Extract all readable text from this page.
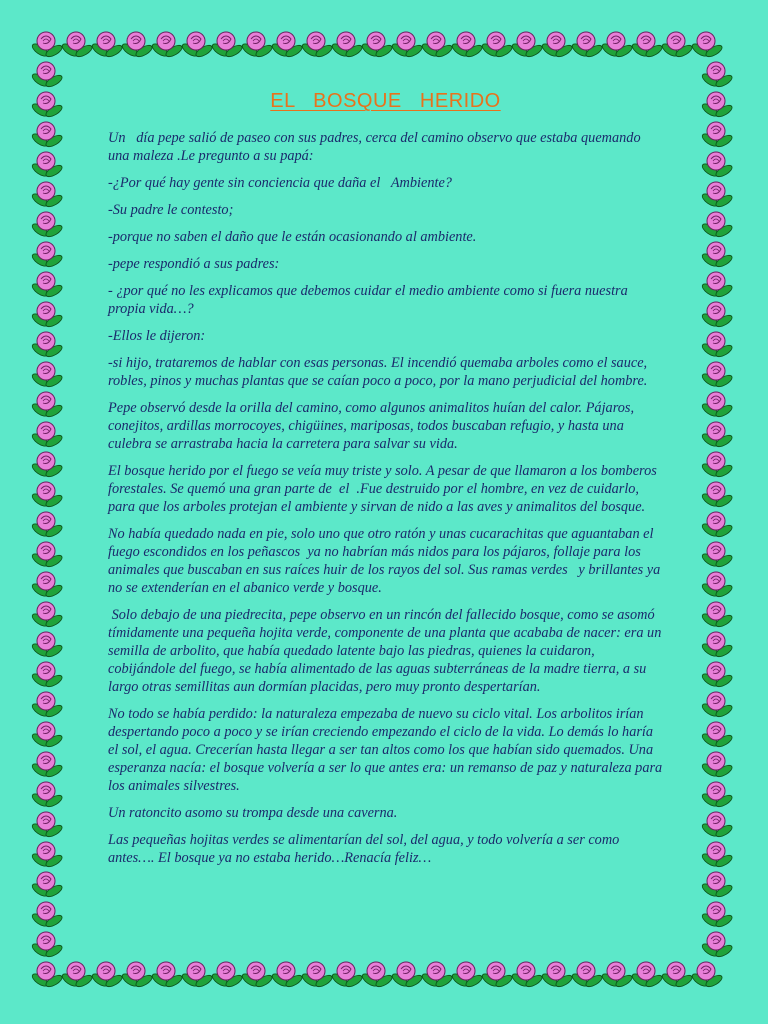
EL   BOSQUE   HERIDO

Un   día pepe salió de paseo con sus padres, cerca del camino observo que estaba quemando una maleza .Le pregunto a su papá:

-¿Por qué hay gente sin conciencia que daña el   Ambiente?

-Su padre le contesto;

-porque no saben el daño que le están ocasionando al ambiente.

-pepe respondió a sus padres:

- ¿por qué no les explicamos que debemos cuidar el medio ambiente como si fuera nuestra propia vida…?

-Ellos le dijeron:

-si hijo, trataremos de hablar con esas personas. El incendió quemaba arboles como el sauce, robles, pinos y muchas plantas que se caían poco a poco, por la mano perjudicial del hombre.

Pepe observó desde la orilla del camino, como algunos animalitos huían del calor. Pájaros, conejitos, ardillas morrocoyes, chigüines, mariposas, todos buscaban refugio, y hasta una culebra se arrastraba hacia la carretera para salvar su vida.

El bosque herido por el fuego se veía muy triste y solo. A pesar de que llamaron a los bomberos forestales. Se quemó una gran parte de  el  .Fue destruido por el hombre, en vez de cuidarlo, para que los arboles protejan el ambiente y sirvan de nido a las aves y animalitos del bosque.

No había quedado nada en pie, solo uno que otro ratón y unas cucarachitas que aguantaban el fuego escondidos en los peñascos  ya no habrían más nidos para los pájaros, follaje para los animales que buscaban en sus raíces huir de los rayos del sol. Sus ramas verdes   y brillantes ya no se extenderían en el abanico verde y bosque.

Solo debajo de una piedrecita, pepe observo en un rincón del fallecido bosque, como se asomó tímidamente una pequeña hojita verde, componente de una planta que acababa de nacer: era un semilla de arbolito, que había quedado latente bajo las piedras, quienes la cuidaron, cobijándole del fuego, se había alimentado de las aguas subterráneas de la madre tierra, a su largo otras semillitas aun dormían placidas, pero muy pronto despertarían.

No todo se había perdido: la naturaleza empezaba de nuevo su ciclo vital. Los arbolitos irían despertando poco a poco y se irían creciendo empezando el ciclo de la vida. Lo demás lo haría el sol, el agua. Crecerían hasta llegar a ser tan altos como los que habían sido quemados. Una esperanza nacía: el bosque volvería a ser lo que antes era: un remanso de paz y naturaleza para los animales silvestres.

Un ratoncito asomo su trompa desde una caverna.

Las pequeñas hojitas verdes se alimentarían del sol, del agua, y todo volvería a ser como antes…. El bosque ya no estaba herido…Renacía feliz…
